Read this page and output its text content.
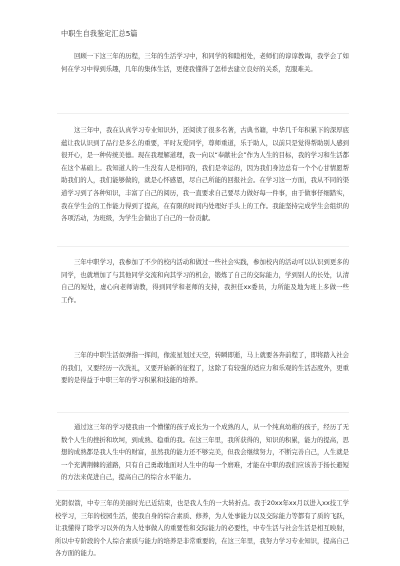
中职生自我鉴定汇总5篇

回顾一下这三年的历程，三年的生活学习中，和同学的和睦相处，老师们的谆谆教诲，我学会了如何在学习中得到乐趣，几年的集体生活，更使我懂得了怎样去建立良好的关系，克服难关。

这三年中，我在认真学习专业知识外，还阅读了很多名著，古典书籍，中华几千年积累下的深厚底蕴让我认识到了品行是多么的重要，平时友爱同学，尊师重道，乐于助人，以前只是觉得帮助别人感到很开心，是一种传统美德。现在我理解道理，我一向以“奉献社会”作为人生的目标，我的学习和生活都在这个基础上。我知道人的一生没有人是相同的，我们是幸运的，因为我们身边总有一个个心甘情愿帮助我们的人，我们能够做的，就是心怀感恩，尽自己所能的回报社会。在学习这一方面，我从不同的渠道学习到了各种知识，丰富了自己的阅历，我一直要求自己要尽力做好每一件事，由于做事仔细踏实，我在学生会的工作能力得到了提高，在有限的时间内处理好手头上的工作。我能坚持完成学生会组织的各项活动，为班级，为学生会做出了自己的一份贡献。

三年中职学习，我参加了不少的校内活动和做过一些社会实践，参加校内的活动可以认识到更多的同学，也就增加了与其他同学交流和向其学习的机会，锻炼了自己的交际能力，学到别人的长处，认清自己的短处，虚心向老师请教，得到同学和老师的支持，我担任xx委员，力所能及地为班上多做一些工作。

三年的中职生活似弹指一挥间，像流星划过天空，转瞬即逝，马上就要各奔前程了，即将踏入社会的我们，又要经历一次洗礼，又要开始新的征程了，这除了有较强的适应力和乐观的生活态度外，更重要的是得益于中职三年的学习积累和技能的培养。

通过这三年的学习使我由一个懵懂的孩子成长为一个成熟的人，从一个纯真幼稚的孩子，经历了无数个人生的挫折和坎坷，到成熟、稳重的我。在这三年里，我所获得的，知识的积累，能力的提高，思想的成熟都是我人生中的财富，虽然我的能力还不够完美，但我会继续努力，不断完善自己，人生就是一个充满荆棘的道路，只有自己勇敢地面对人生中的每一个磨难，才能在中职的我们应该善于扬长避短的方法来促进自己，提高自己的综合水平能力。

光阴似箭，中专三年的美丽时光已近结束，也是我人生的一大转折点。我于20xx年xx月以进入xx技工学校学习，三年的校园生活，使我自身的综合素质、修养，为人处事能力以及交际能力等都有了质的飞跃，让我懂得了除学习以外的为人处事做人的重要性和交际能力的必要性，中专生活与社会生活是相互映射，所以中专阶段的个人综合素质与能力的培养是非常重要的，在这三年里，我努力学习专业知识，提高自己各方面的能力。
